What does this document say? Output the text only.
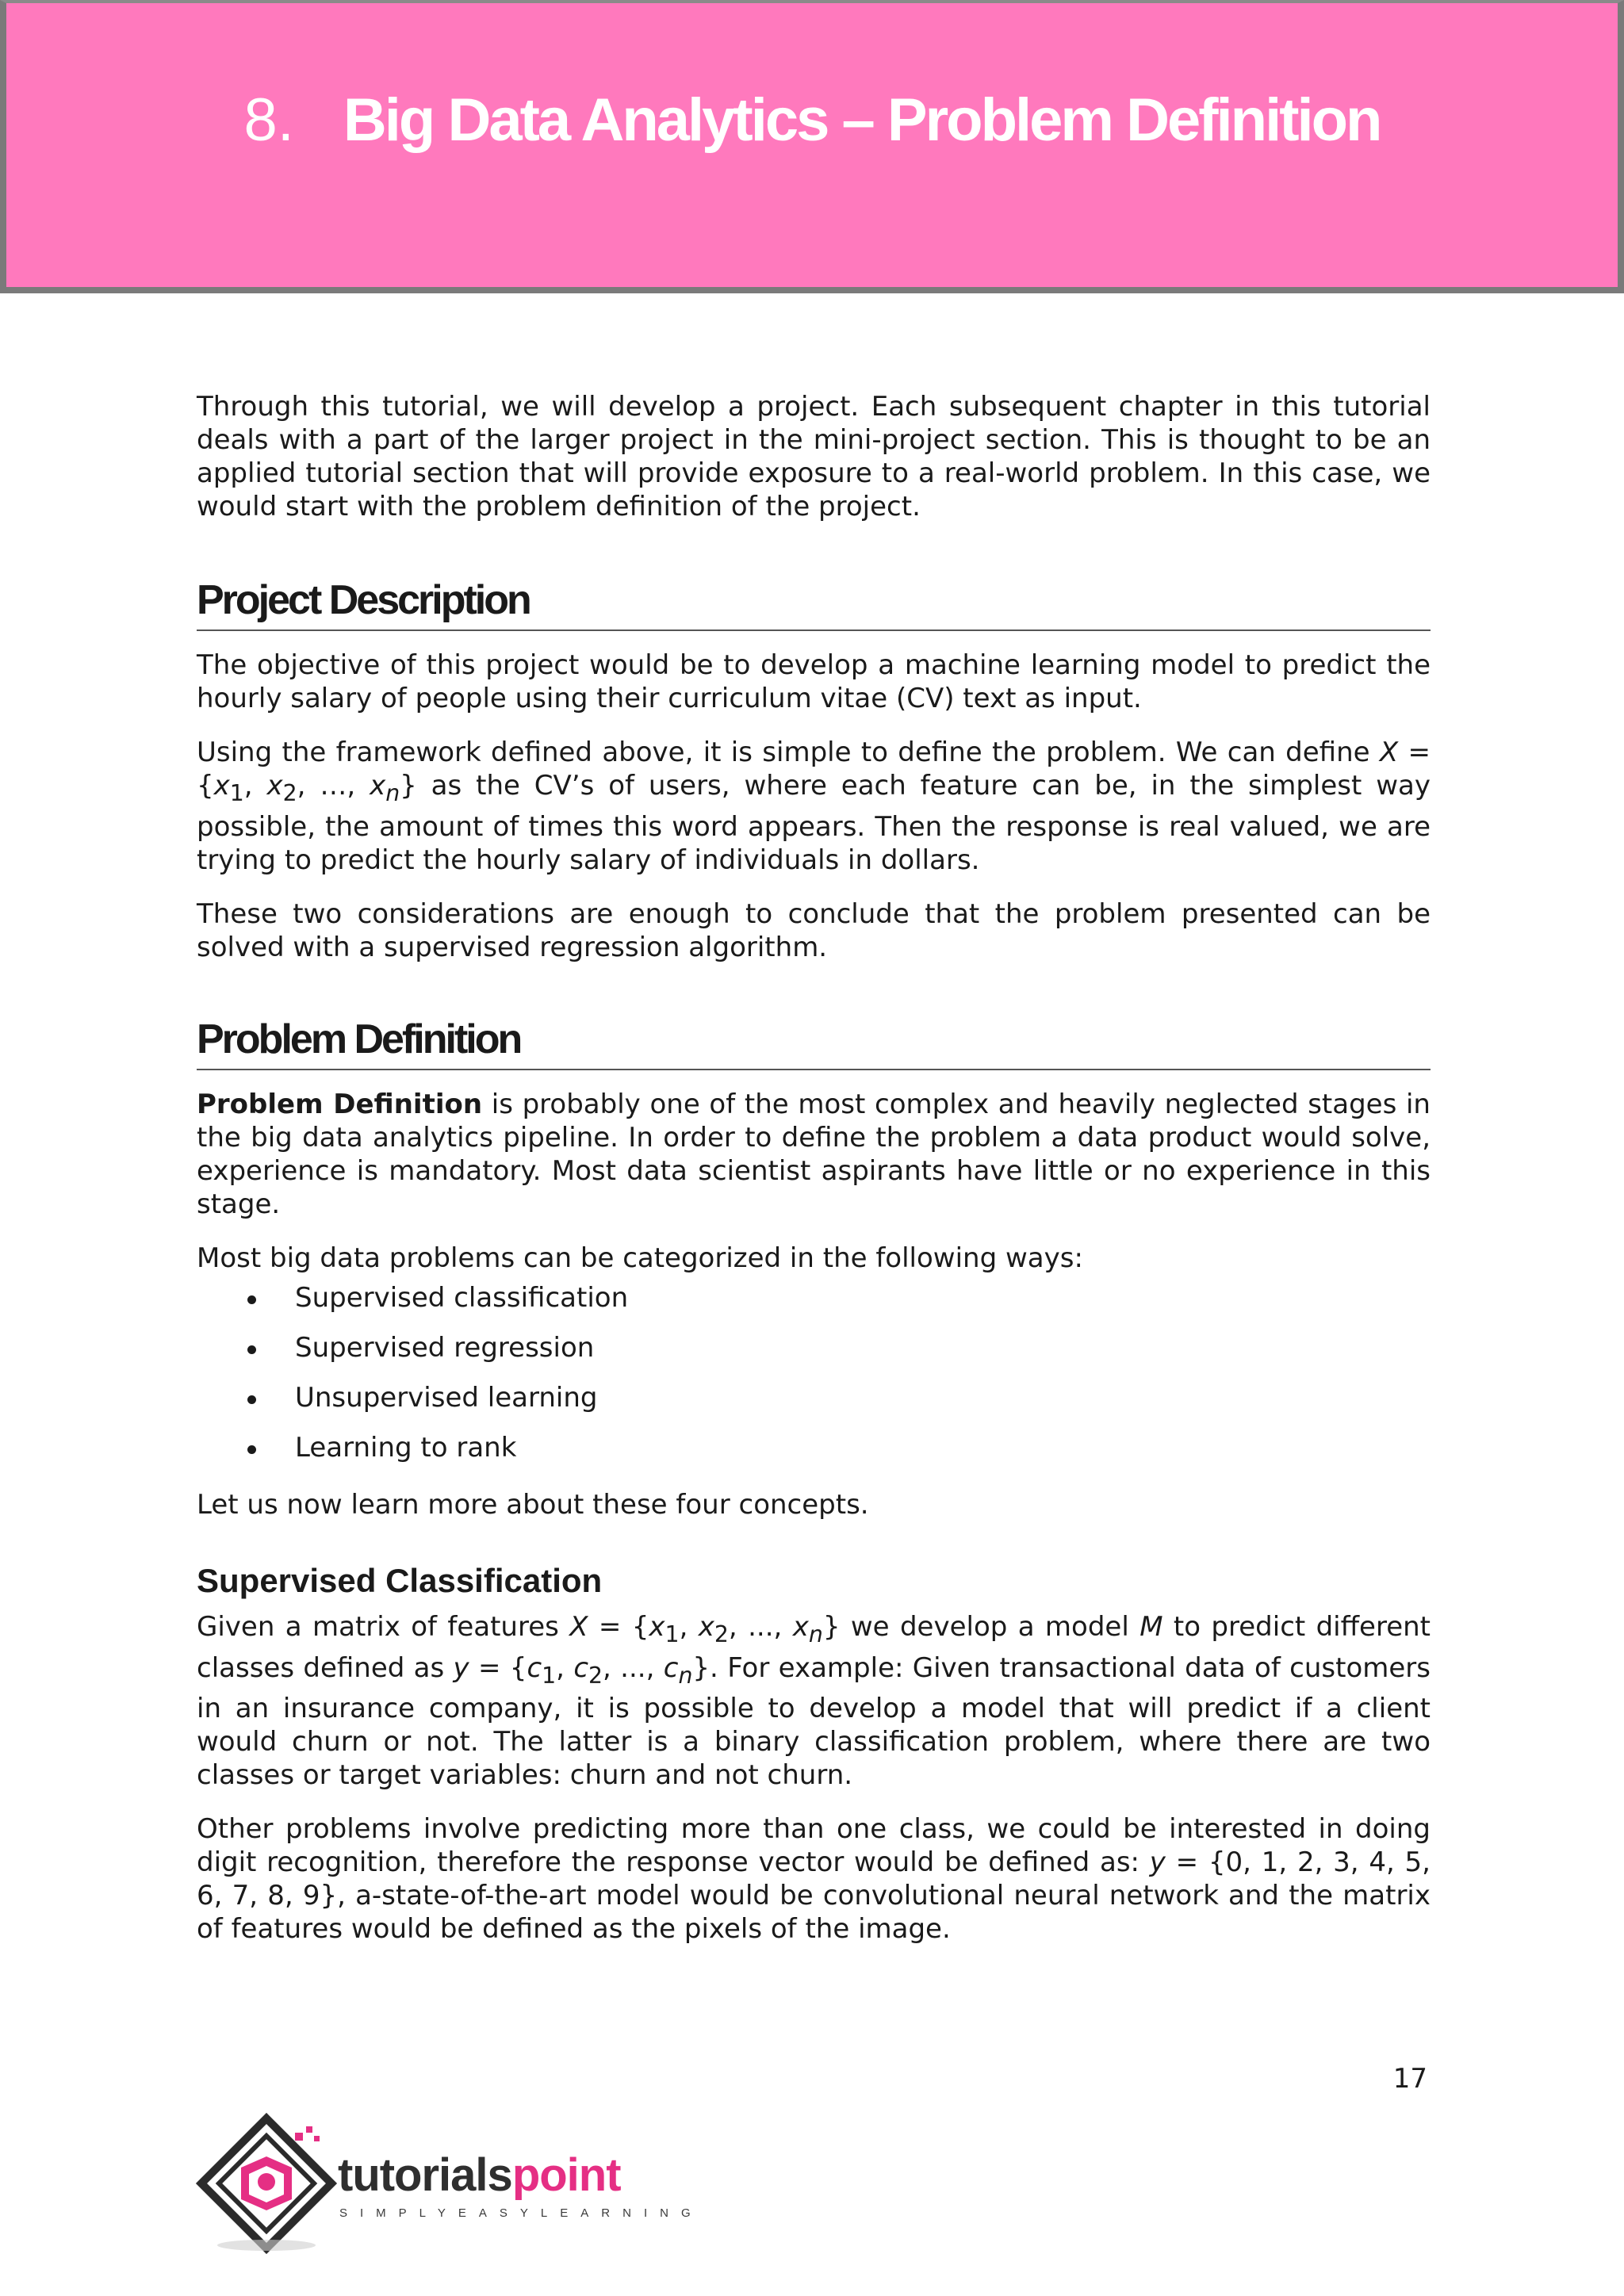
8. Big Data Analytics – Problem Definition

Through this tutorial, we will develop a project. Each subsequent chapter in this tutorial deals with a part of the larger project in the mini-project section. This is thought to be an applied tutorial section that will provide exposure to a real-world problem. In this case, we would start with the problem definition of the project.

Project Description

The objective of this project would be to develop a machine learning model to predict the hourly salary of people using their curriculum vitae (CV) text as input.

Using the framework defined above, it is simple to define the problem. We can define $X = \{x_1$, $x_2$, …, $x_n$} as the CV’s of users, where each feature can be, in the simplest way possible, the amount of times this word appears. Then the response is real valued, we are trying to predict the hourly salary of individuals in dollars.

These two considerations are enough to conclude that the problem presented can be solved with a supervised regression algorithm.

Problem Definition

Problem Definition is probably one of the most complex and heavily neglected stages in the big data analytics pipeline. In order to define the problem a data product would solve, experience is mandatory. Most data scientist aspirants have little or no experience in this stage.

Most big data problems can be categorized in the following ways:

Supervised classification
Supervised regression
Unsupervised learning
Learning to rank

Let us now learn more about these four concepts.

Supervised Classification

Given a matrix of features $X = \{x_1$, $x_2$, ..., $x_n$} we develop a model M to predict different classes defined as $y = \{c_1$, $c_2$, ..., $c_n$}. For example: Given transactional data of customers in an insurance company, it is possible to develop a model that will predict if a client would churn or not. The latter is a binary classification problem, where there are two classes or target variables: churn and not churn.

Other problems involve predicting more than one class, we could be interested in doing digit recognition, therefore the response vector would be defined as: y = {0, 1, 2, 3, 4, 5, 6, 7, 8, 9}, a-state-of-the-art model would be convolutional neural network and the matrix of features would be defined as the pixels of the image.

17
tutorialspoint
SIMPLYEASYLEARNING
